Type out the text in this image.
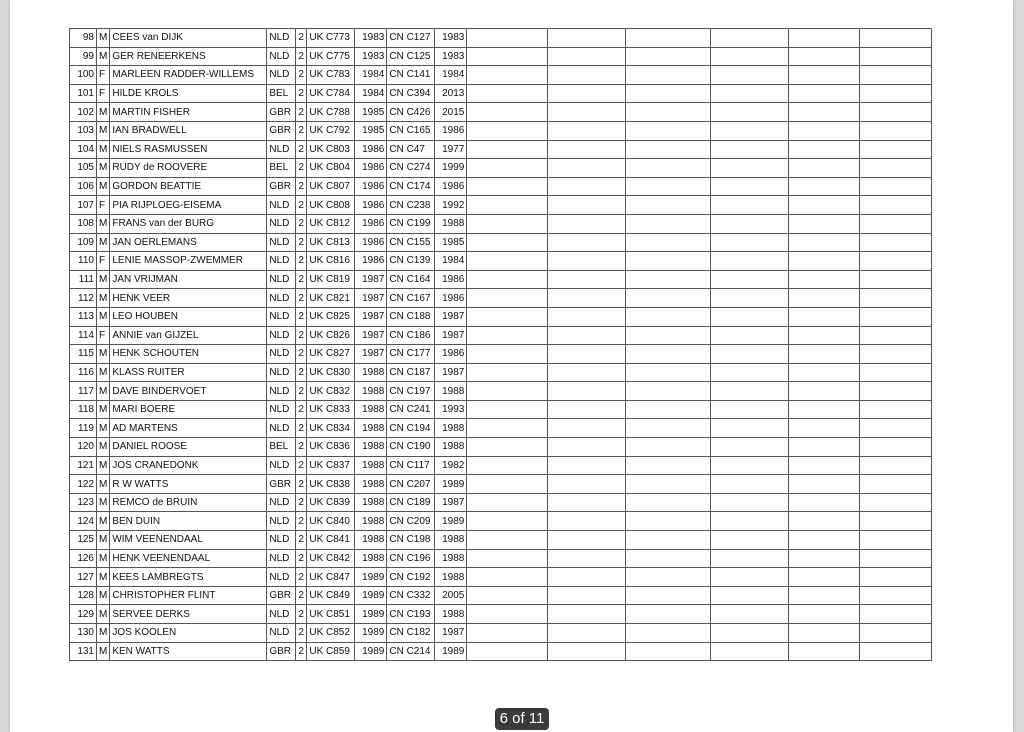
98	M	CEES van DIJK	NLD	2	UK C773	1983	CN C127	1983						
99	M	GER RENEERKENS	NLD	2	UK C775	1983	CN C125	1983						
100	F	MARLEEN RADDER-WILLEMS	NLD	2	UK C783	1984	CN C141	1984						
101	F	HILDE KROLS	BEL	2	UK C784	1984	CN C394	2013						
102	M	MARTIN FISHER	GBR	2	UK C788	1985	CN C426	2015						
103	M	IAN BRADWELL	GBR	2	UK C792	1985	CN C165	1986						
104	M	NIELS RASMUSSEN	NLD	2	UK C803	1986	CN C47	1977						
105	M	RUDY de ROOVERE	BEL	2	UK C804	1986	CN C274	1999						
106	M	GORDON BEATTIE	GBR	2	UK C807	1986	CN C174	1986						
107	F	PIA RIJPLOEG-EISEMA	NLD	2	UK C808	1986	CN C238	1992						
108	M	FRANS van der BURG	NLD	2	UK C812	1986	CN C199	1988						
109	M	JAN OERLEMANS	NLD	2	UK C813	1986	CN C155	1985						
110	F	LENIE MASSOP-ZWEMMER	NLD	2	UK C816	1986	CN C139	1984						
111	M	JAN VRIJMAN	NLD	2	UK C819	1987	CN C164	1986						
112	M	HENK VEER	NLD	2	UK C821	1987	CN C167	1986						
113	M	LEO HOUBEN	NLD	2	UK C825	1987	CN C188	1987						
114	F	ANNIE van GIJZEL	NLD	2	UK C826	1987	CN C186	1987						
115	M	HENK SCHOUTEN	NLD	2	UK C827	1987	CN C177	1986						
116	M	KLASS RUITER	NLD	2	UK C830	1988	CN C187	1987						
117	M	DAVE BINDERVOET	NLD	2	UK C832	1988	CN C197	1988						
118	M	MARI BOERE	NLD	2	UK C833	1988	CN C241	1993						
119	M	AD MARTENS	NLD	2	UK C834	1988	CN C194	1988						
120	M	DANIEL ROOSE	BEL	2	UK C836	1988	CN C190	1988						
121	M	JOS CRANEDONK	NLD	2	UK C837	1988	CN C117	1982						
122	M	R W WATTS	GBR	2	UK C838	1988	CN C207	1989						
123	M	REMCO de BRUIN	NLD	2	UK C839	1988	CN C189	1987						
124	M	BEN DUIN	NLD	2	UK C840	1988	CN C209	1989						
125	M	WIM VEENENDAAL	NLD	2	UK C841	1988	CN C198	1988						
126	M	HENK VEENENDAAL	NLD	2	UK C842	1988	CN C196	1988						
127	M	KEES LAMBREGTS	NLD	2	UK C847	1989	CN C192	1988						
128	M	CHRISTOPHER FLINT	GBR	2	UK C849	1989	CN C332	2005						
129	M	SERVEE DERKS	NLD	2	UK C851	1989	CN C193	1988						
130	M	JOS KOOLEN	NLD	2	UK C852	1989	CN C182	1987						
131	M	KEN WATTS	GBR	2	UK C859	1989	CN C214	1989						
6 of 11
